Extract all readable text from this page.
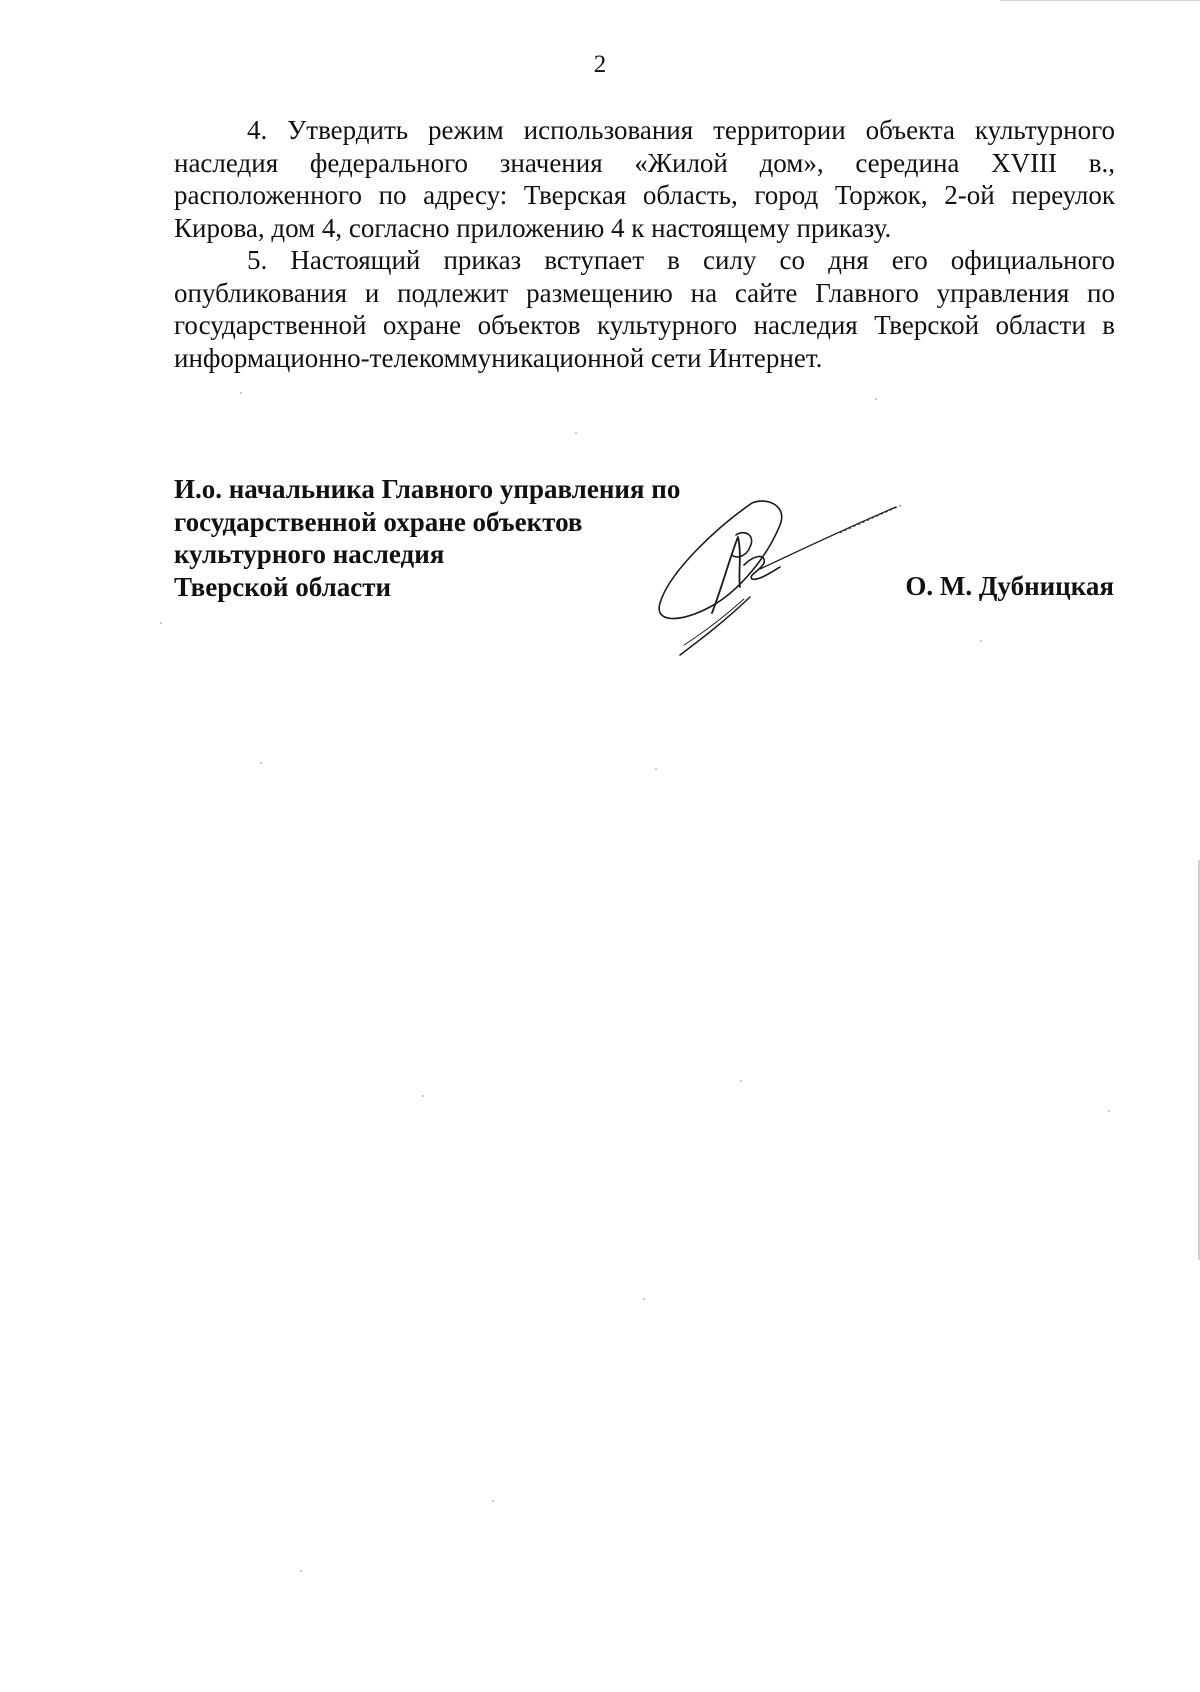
2

4. Утвердить режим использования территории объекта культурного наследия федерального значения «Жилой дом», середина XVIII в., расположенного по адресу: Тверская область, город Торжок, 2-ой переулок Кирова, дом 4, согласно приложению 4 к настоящему приказу.

5. Настоящий приказ вступает в силу со дня его официального опубликования и подлежит размещению на сайте Главного управления по государственной охране объектов культурного наследия Тверской области в информационно-телекоммуникационной сети Интернет.

И.о. начальника Главного управления по
государственной охране объектов
культурного наследия
Тверской области	О. М. Дубницкая
